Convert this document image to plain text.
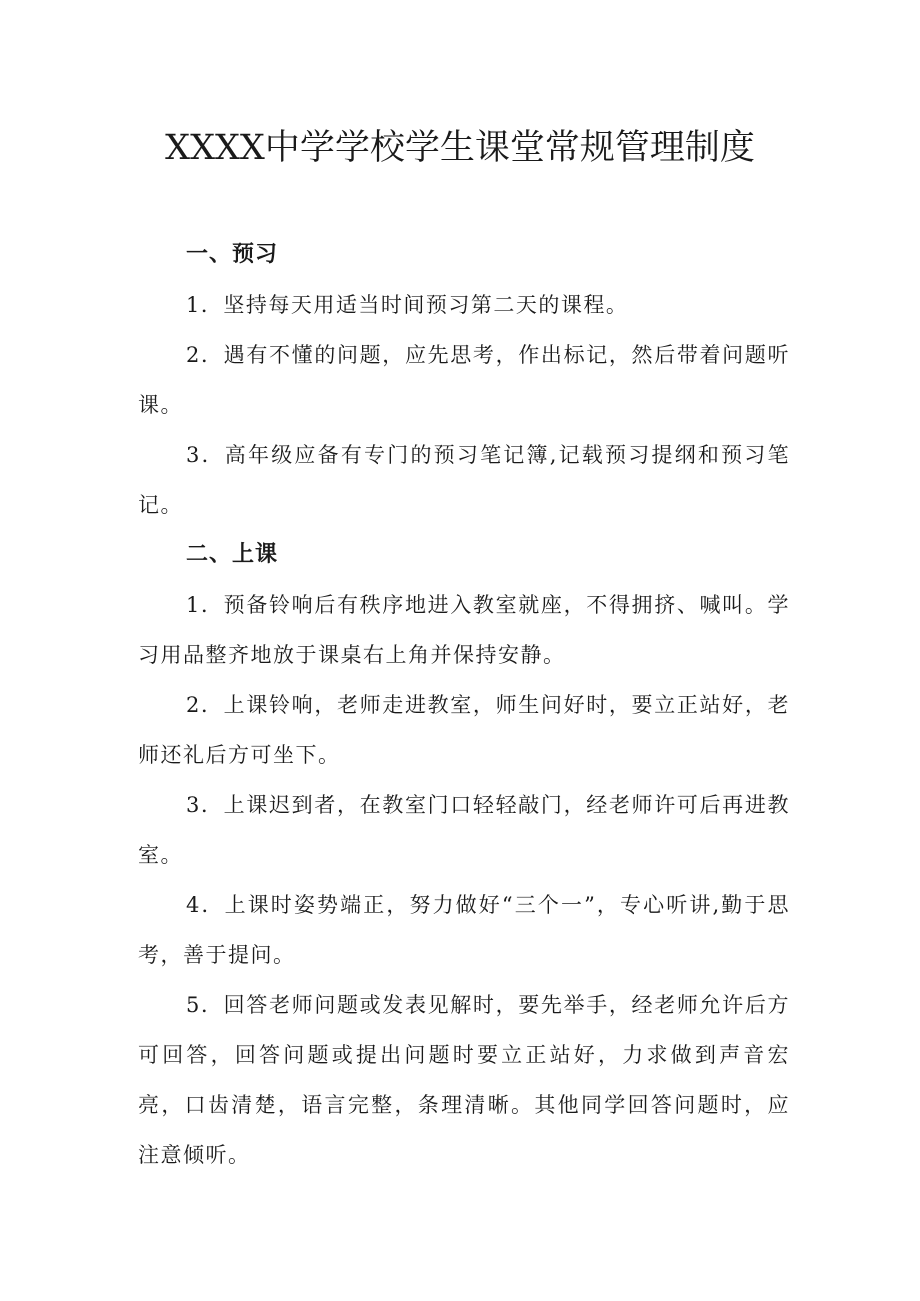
XXXX中学学校学生课堂常规管理制度
一、预习

1．坚持每天用适当时间预习第二天的课程。

2．遇有不懂的问题，应先思考，作出标记，然后带着问题听课。

3．高年级应备有专门的预习笔记簿,记载预习提纲和预习笔记。

二、上课

1．预备铃响后有秩序地进入教室就座，不得拥挤、喊叫。学习用品整齐地放于课桌右上角并保持安静。

2．上课铃响，老师走进教室，师生问好时，要立正站好，老师还礼后方可坐下。

3．上课迟到者，在教室门口轻轻敲门，经老师许可后再进教室。

4．上课时姿势端正，努力做好“三个一”，专心听讲,勤于思考，善于提问。

5．回答老师问题或发表见解时，要先举手，经老师允许后方可回答，回答问题或提出问题时要立正站好，力求做到声音宏亮，口齿清楚，语言完整，条理清晰。其他同学回答问题时，应注意倾听。
